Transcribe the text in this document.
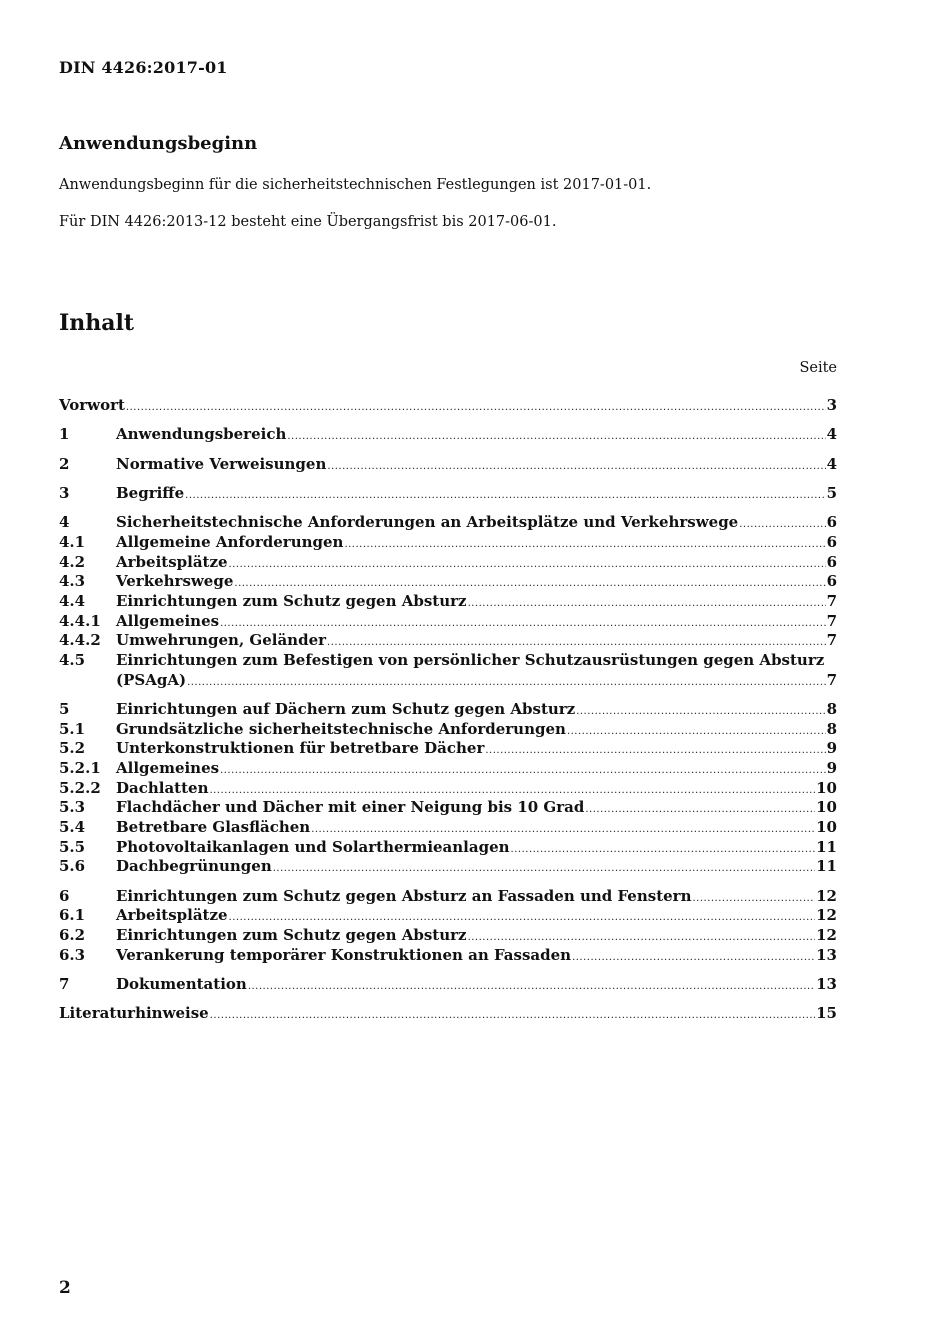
DIN 4426:2017-01
Anwendungsbeginn
Anwendungsbeginn für die sicherheitstechnischen Festlegungen ist 2017-01-01.
Für DIN 4426:2013-12 besteht eine Übergangsfrist bis 2017-06-01.
Inhalt
Seite
Vorwort .....	3
1	Anwendungsbereich .....	4
2	Normative Verweisungen .....	4
3	Begriffe .....	5
4	Sicherheitstechnische Anforderungen an Arbeitsplätze und Verkehrswege .....	6
4.1	Allgemeine Anforderungen .....	6
4.2	Arbeitsplätze .....	6
4.3	Verkehrswege .....	6
4.4	Einrichtungen zum Schutz gegen Absturz .....	7
4.4.1	Allgemeines .....	7
4.4.2	Umwehrungen, Geländer .....	7
4.5	Einrichtungen zum Befestigen von persönlicher Schutzausrüstungen gegen Absturz
(PSAgA) .....	7
5	Einrichtungen auf Dächern zum Schutz gegen Absturz .....	8
5.1	Grundsätzliche sicherheitstechnische Anforderungen .....	8
5.2	Unterkonstruktionen für betretbare Dächer .....	9
5.2.1	Allgemeines .....	9
5.2.2	Dachlatten .....	10
5.3	Flachdächer und Dächer mit einer Neigung bis 10 Grad .....	10
5.4	Betretbare Glasflächen .....	10
5.5	Photovoltaikanlagen und Solarthermieanlagen .....	11
5.6	Dachbegrünungen .....	11
6	Einrichtungen zum Schutz gegen Absturz an Fassaden und Fenstern .....	12
6.1	Arbeitsplätze .....	12
6.2	Einrichtungen zum Schutz gegen Absturz .....	12
6.3	Verankerung temporärer Konstruktionen an Fassaden .....	13
7	Dokumentation .....	13
Literaturhinweise .....	15
2
